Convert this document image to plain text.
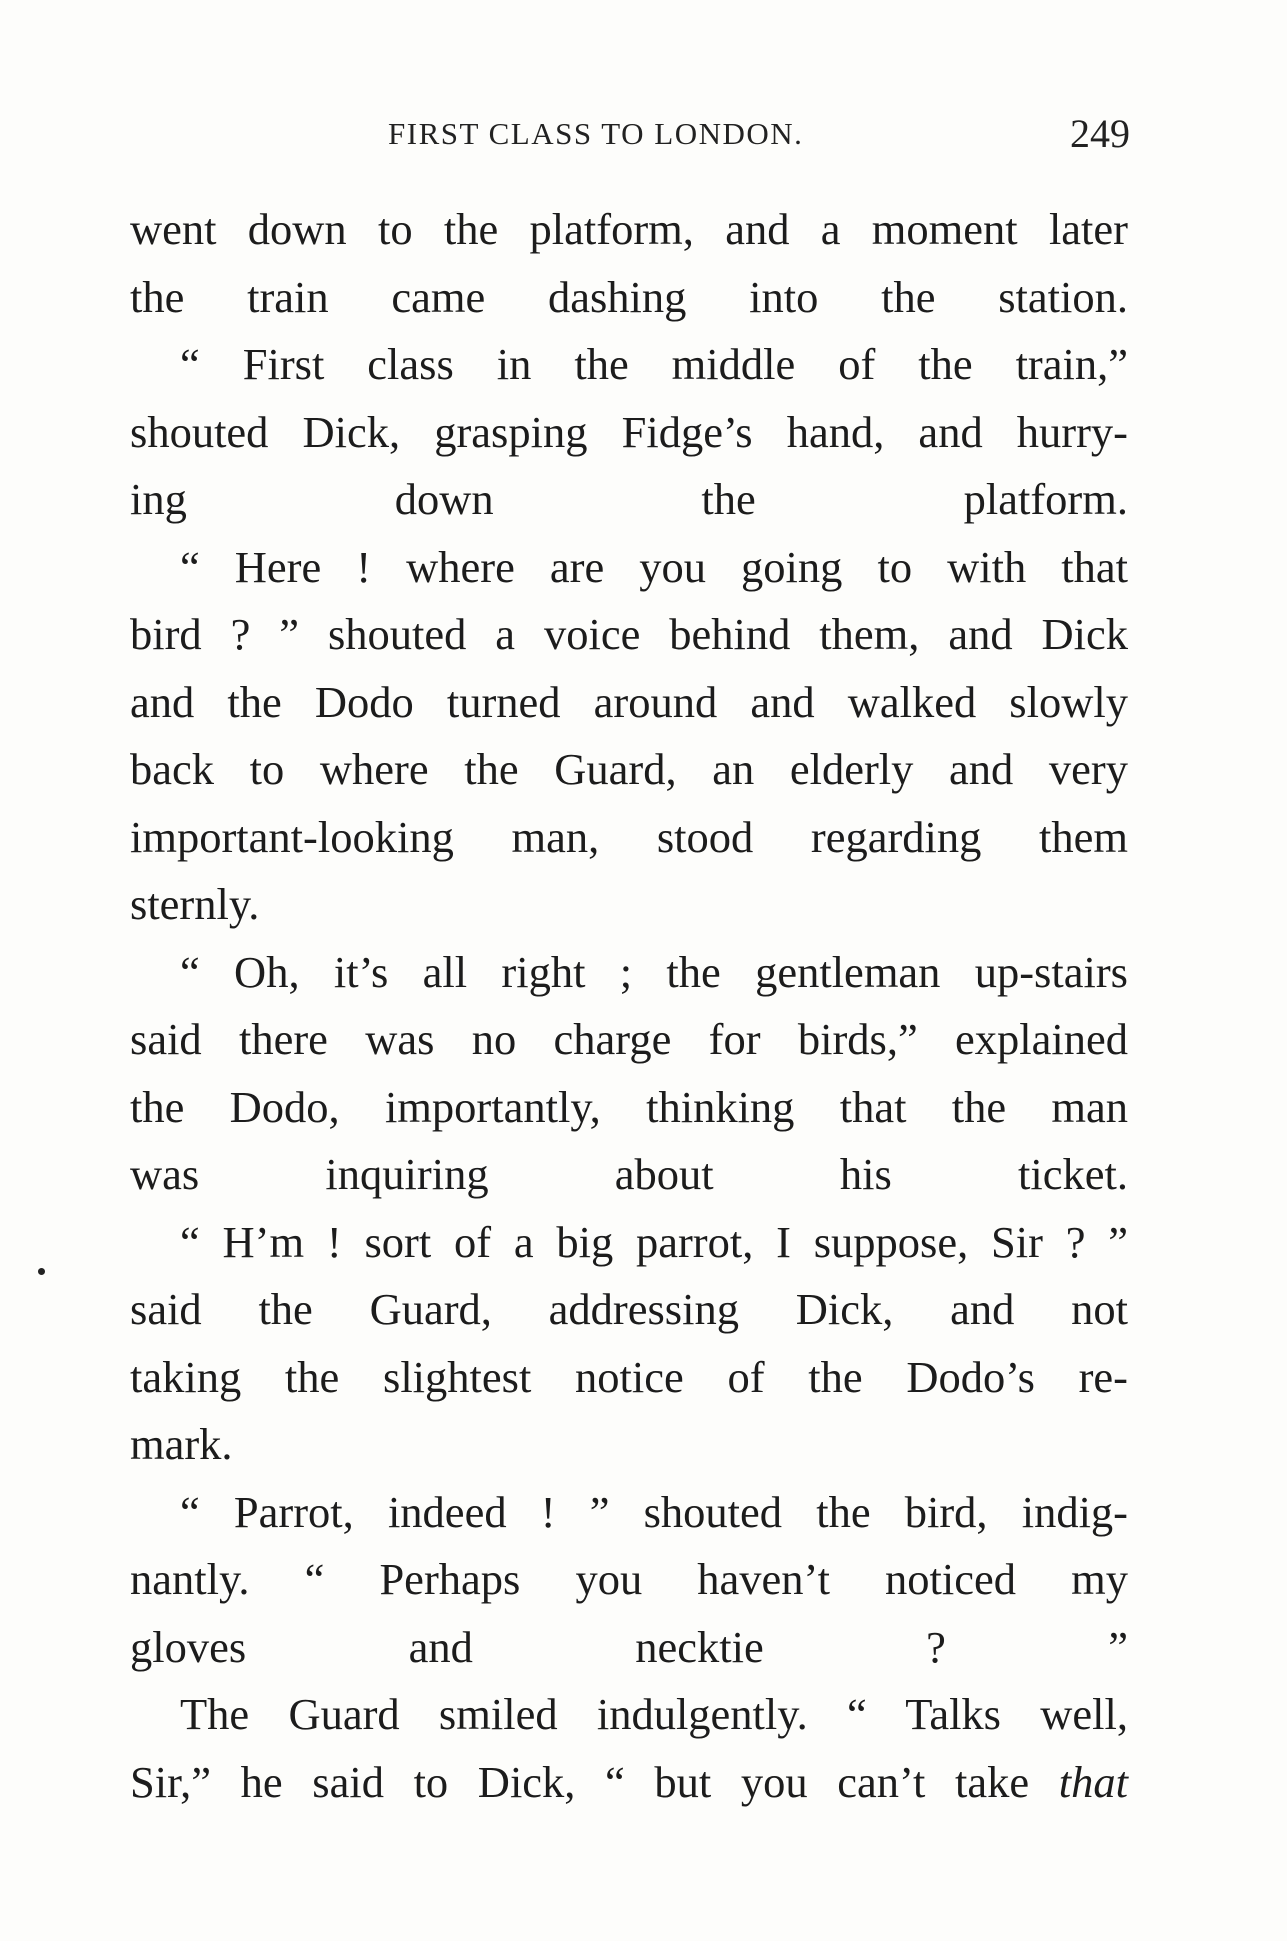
FIRST CLASS TO LONDON.	249

went down to the platform, and a moment later
the train came dashing into the station.

“ First class in the middle of the train,”
shouted Dick, grasping Fidge’s hand, and hurry-
ing down the platform.

“ Here ! where are you going to with that
bird ? ” shouted a voice behind them, and Dick
and the Dodo turned around and walked slowly
back to where the Guard, an elderly and very
important-looking man, stood regarding them
sternly.

“ Oh, it’s all right ; the gentleman up-stairs
said there was no charge for birds,” explained
the Dodo, importantly, thinking that the man
was inquiring about his ticket.

“ H’m ! sort of a big parrot, I suppose, Sir ? ”
said the Guard, addressing Dick, and not
taking the slightest notice of the Dodo’s re-
mark.

“ Parrot, indeed ! ” shouted the bird, indig-
nantly. “ Perhaps you haven’t noticed my
gloves and necktie ? ”

The Guard smiled indulgently. “ Talks well,
Sir,” he said to Dick, “ but you can’t take that
